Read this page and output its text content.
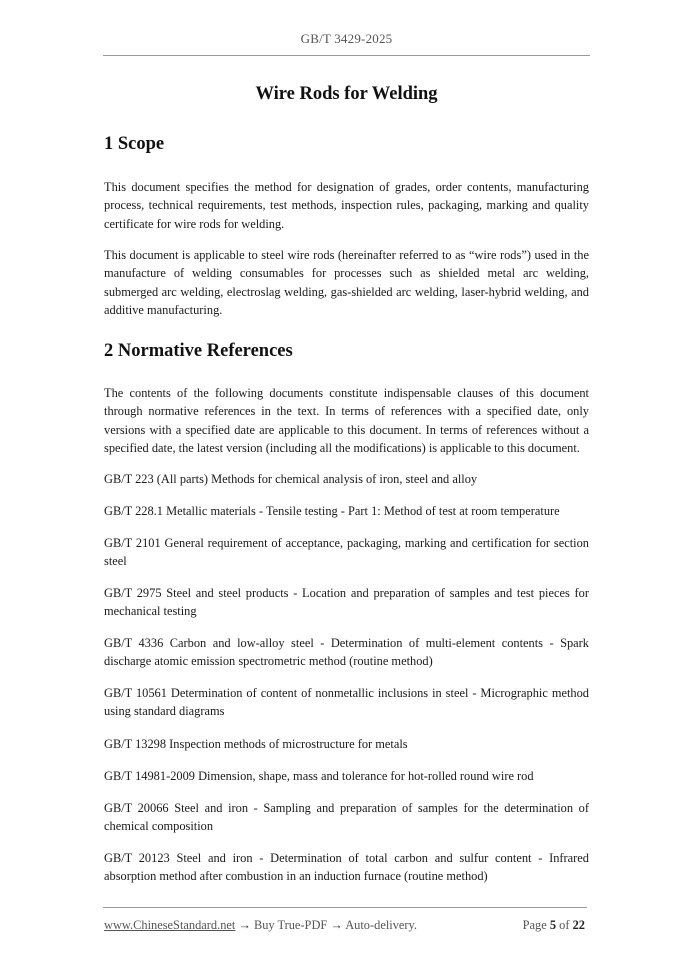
GB/T 3429-2025
Wire Rods for Welding
1 Scope

This document specifies the method for designation of grades, order contents, manufacturing process, technical requirements, test methods, inspection rules, packaging, marking and quality certificate for wire rods for welding.

This document is applicable to steel wire rods (hereinafter referred to as “wire rods”) used in the manufacture of welding consumables for processes such as shielded metal arc welding, submerged arc welding, electroslag welding, gas-shielded arc welding, laser-hybrid welding, and additive manufacturing.

2 Normative References

The contents of the following documents constitute indispensable clauses of this document through normative references in the text. In terms of references with a specified date, only versions with a specified date are applicable to this document. In terms of references without a specified date, the latest version (including all the modifications) is applicable to this document.

GB/T 223 (All parts) Methods for chemical analysis of iron, steel and alloy

GB/T 228.1 Metallic materials - Tensile testing - Part 1: Method of test at room temperature

GB/T 2101 General requirement of acceptance, packaging, marking and certification for section steel

GB/T 2975 Steel and steel products - Location and preparation of samples and test pieces for mechanical testing

GB/T 4336 Carbon and low-alloy steel - Determination of multi-element contents - Spark discharge atomic emission spectrometric method (routine method)

GB/T 10561 Determination of content of nonmetallic inclusions in steel - Micrographic method using standard diagrams

GB/T 13298 Inspection methods of microstructure for metals

GB/T 14981-2009 Dimension, shape, mass and tolerance for hot-rolled round wire rod

GB/T 20066 Steel and iron - Sampling and preparation of samples for the determination of chemical composition

GB/T 20123 Steel and iron - Determination of total carbon and sulfur content - Infrared absorption method after combustion in an induction furnace (routine method)

www.ChineseStandard.net → Buy True-PDF → Auto-delivery.	Page 5 of 22
